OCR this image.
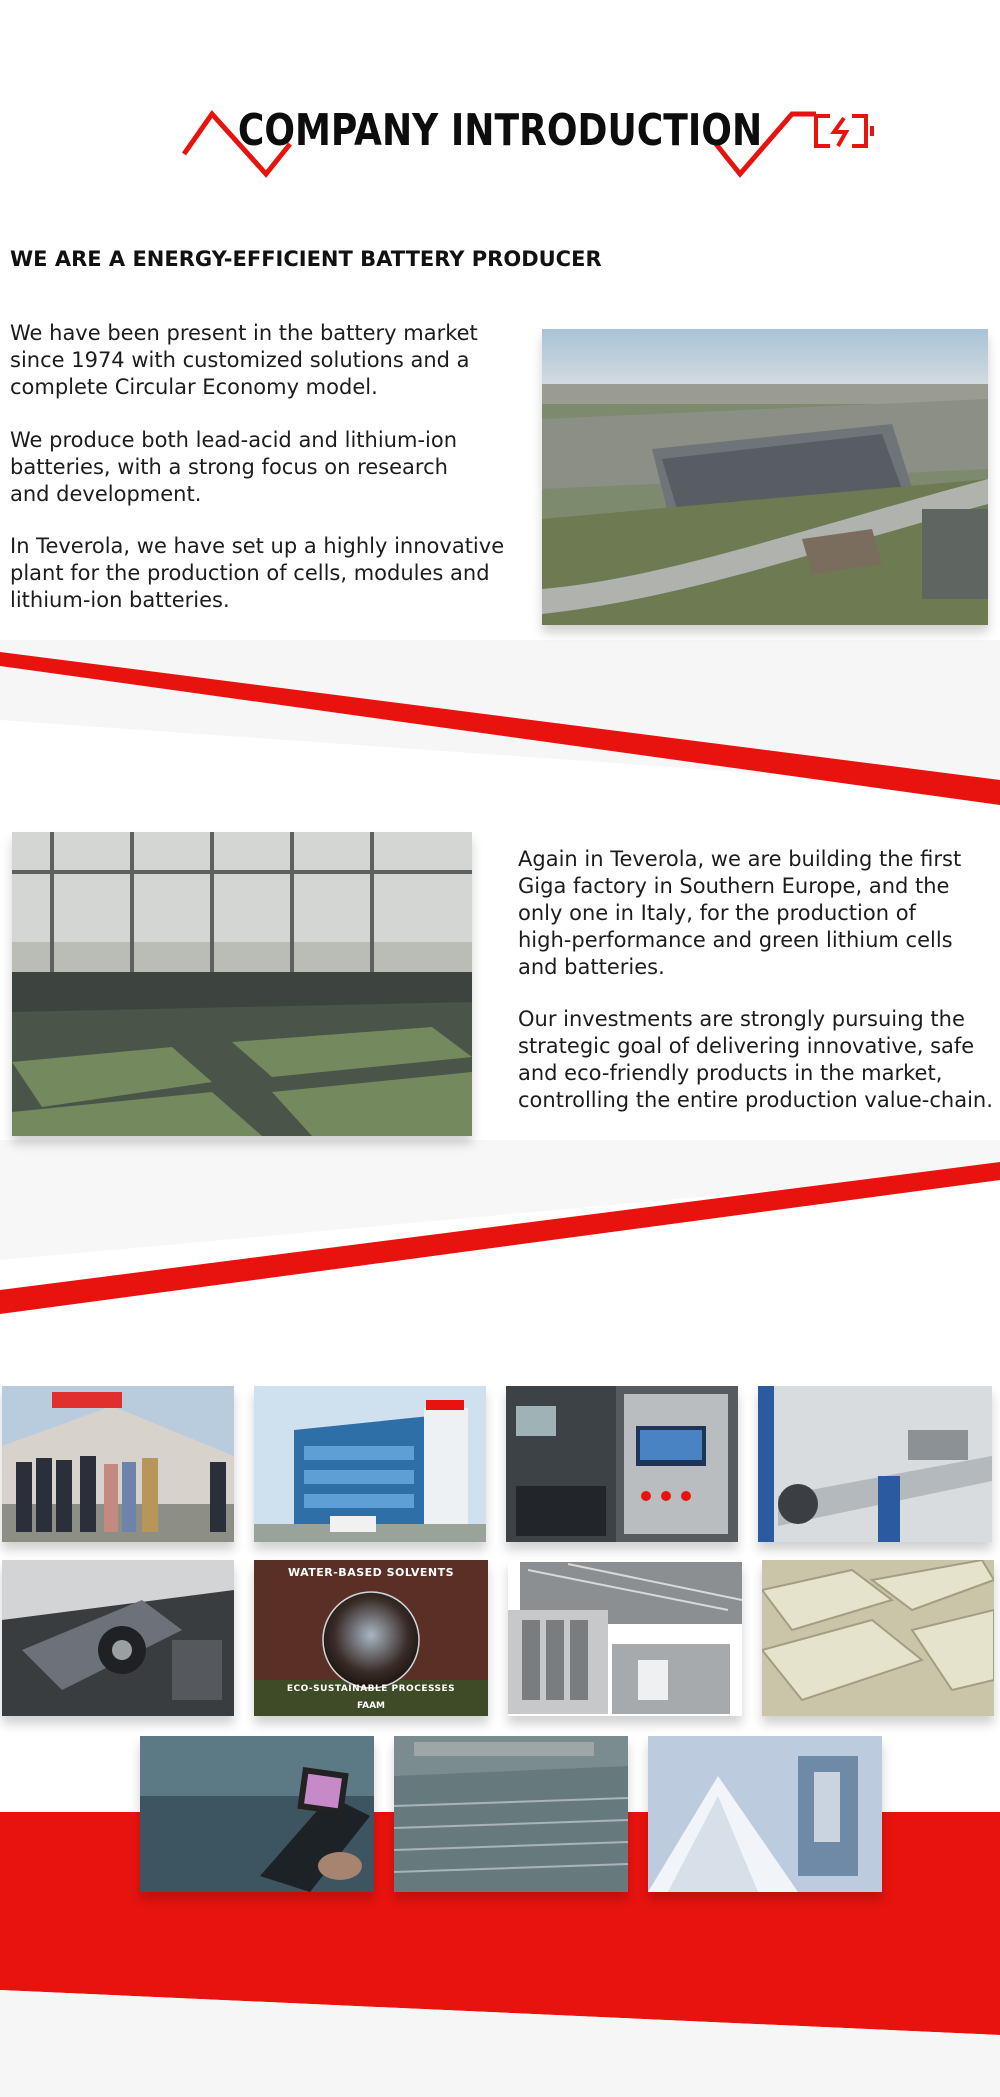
COMPANY INTRODUCTION
WE ARE A ENERGY-EFFICIENT BATTERY PRODUCER

We have been present in the battery market
since 1974 with customized solutions and a
complete Circular Economy model.

We produce both lead-acid and lithium-ion
batteries, with a strong focus on research
and development.

In Teverola, we have set up a highly innovative
plant for the production of cells, modules and
lithium-ion batteries.

Again in Teverola, we are building the first
Giga factory in Southern Europe, and the
only one in Italy, for the production of
high-performance and green lithium cells
and batteries.

Our investments are strongly pursuing the
strategic goal of delivering innovative, safe
and eco-friendly products in the market,
controlling the entire production value-chain.

WATER-BASED SOLVENTS
ECO-SUSTAINABLE PROCESSES
FAAM
